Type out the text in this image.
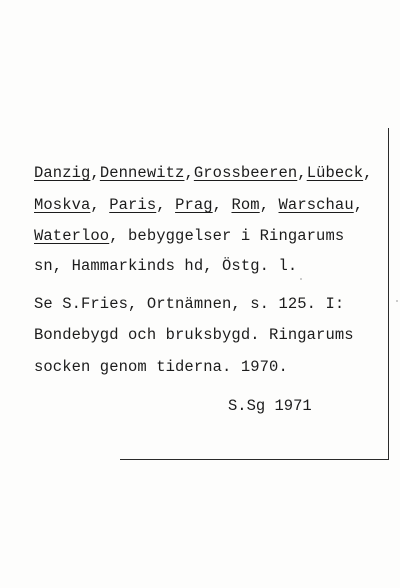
Danzig,Dennewitz,Grossbeeren,Lübeck,
Moskva, Paris, Prag, Rom, Warschau,
Waterloo, bebyggelser i Ringarums
sn, Hammarkinds hd, Östg. l.
Se S.Fries, Ortnämnen, s. 125. I:
Bondebygd och bruksbygd. Ringarums
socken genom tiderna. 1970.
S.Sg 1971
